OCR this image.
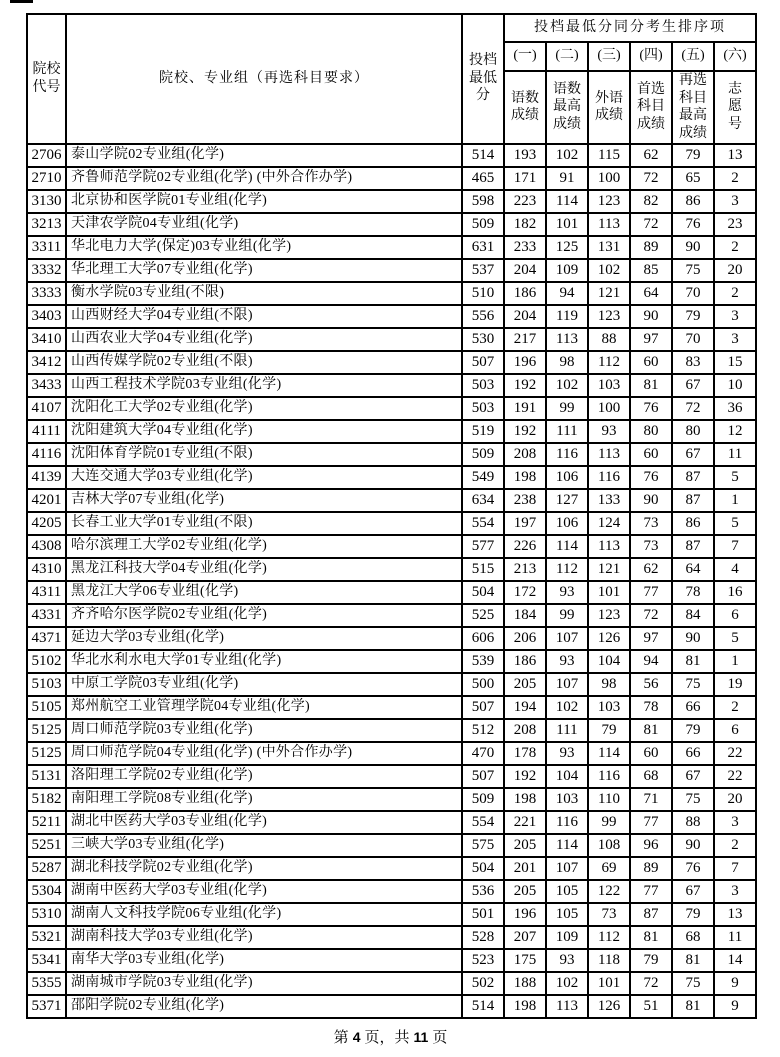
院校代号	院校、专业组（再选科目要求）	投档最低分	投档最低分同分考生排序项					
			(一)	(二)	(三)	(四)	(五)	(六)
			语数成绩	语数最高成绩	外语成绩	首选科目成绩	再选科目最高成绩	志愿号
2706	泰山学院02专业组(化学)	514	193	102	115	62	79	13
2710	齐鲁师范学院02专业组(化学) (中外合作办学)	465	171	91	100	72	65	2
3130	北京协和医学院01专业组(化学)	598	223	114	123	82	86	3
3213	天津农学院04专业组(化学)	509	182	101	113	72	76	23
3311	华北电力大学(保定)03专业组(化学)	631	233	125	131	89	90	2
3332	华北理工大学07专业组(化学)	537	204	109	102	85	75	20
3333	衡水学院03专业组(不限)	510	186	94	121	64	70	2
3403	山西财经大学04专业组(不限)	556	204	119	123	90	79	3
3410	山西农业大学04专业组(化学)	530	217	113	88	97	70	3
3412	山西传媒学院02专业组(不限)	507	196	98	112	60	83	15
3433	山西工程技术学院03专业组(化学)	503	192	102	103	81	67	10
4107	沈阳化工大学02专业组(化学)	503	191	99	100	76	72	36
4111	沈阳建筑大学04专业组(化学)	519	192	111	93	80	80	12
4116	沈阳体育学院01专业组(不限)	509	208	116	113	60	67	11
4139	大连交通大学03专业组(化学)	549	198	106	116	76	87	5
4201	吉林大学07专业组(化学)	634	238	127	133	90	87	1
4205	长春工业大学01专业组(不限)	554	197	106	124	73	86	5
4308	哈尔滨理工大学02专业组(化学)	577	226	114	113	73	87	7
4310	黑龙江科技大学04专业组(化学)	515	213	112	121	62	64	4
4311	黑龙江大学06专业组(化学)	504	172	93	101	77	78	16
4331	齐齐哈尔医学院02专业组(化学)	525	184	99	123	72	84	6
4371	延边大学03专业组(化学)	606	206	107	126	97	90	5
5102	华北水利水电大学01专业组(化学)	539	186	93	104	94	81	1
5103	中原工学院03专业组(化学)	500	205	107	98	56	75	19
5105	郑州航空工业管理学院04专业组(化学)	507	194	102	103	78	66	2
5125	周口师范学院03专业组(化学)	512	208	111	79	81	79	6
5125	周口师范学院04专业组(化学) (中外合作办学)	470	178	93	114	60	66	22
5131	洛阳理工学院02专业组(化学)	507	192	104	116	68	67	22
5182	南阳理工学院08专业组(化学)	509	198	103	110	71	75	20
5211	湖北中医药大学03专业组(化学)	554	221	116	99	77	88	3
5251	三峡大学03专业组(化学)	575	205	114	108	96	90	2
5287	湖北科技学院02专业组(化学)	504	201	107	69	89	76	7
5304	湖南中医药大学03专业组(化学)	536	205	105	122	77	67	3
5310	湖南人文科技学院06专业组(化学)	501	196	105	73	87	79	13
5321	湖南科技大学03专业组(化学)	528	207	109	112	81	68	11
5341	南华大学03专业组(化学)	523	175	93	118	79	81	14
5355	湖南城市学院03专业组(化学)	502	188	102	101	72	75	9
5371	邵阳学院02专业组(化学)	514	198	113	126	51	81	9
第 4 页，共 11 页
